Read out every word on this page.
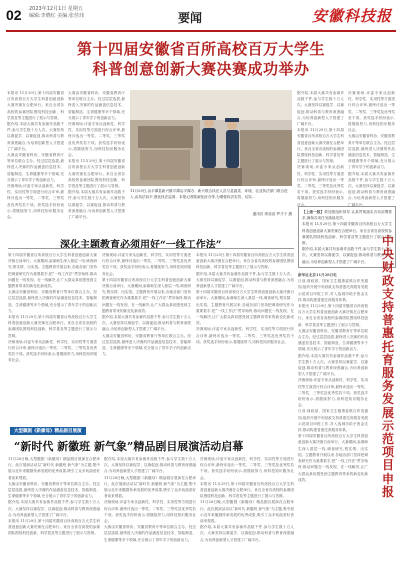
02 2023年12月1日 星期五
编辑:李晓红 美编:张佳玮	要闻	安徽科技报
第十四届安徽省百所高校百万大学生
科普创意创新大赛决赛成功举办

本报讯 11月29日,第十四届安徽省百所高校百万大学生科普创意创新大赛决赛在合肥举行。来自全省各高校的参赛团队围绕科技创新、科学普及等主题进行了展示与答辩。

据介绍,本届大赛共有参赛作品数千件,参与学生数十万人次。大赛坚持以赛促学、以赛促创,推动科普与教育深度融合,为培养创新型人才搭建了广阔平台。

大赛由安徽省科协、安徽省教育厅等单位联合主办。经过层层选拔,最终进入决赛的作品涵盖信息技术、智能制造、生命健康等多个领域,充分展示了青年学子的创新活力。

决赛现场,评委专家从创新性、科学性、实用性等方面进行综合评审,最终评选出一等奖、二等奖、三等奖及优秀奖若干项。获奖选手纷纷表示,将继续努力,用科技知识服务社会。

大赛由安徽省科协、安徽省教育厅等单位联合主办。经过层层选拔,最终进入决赛的作品涵盖信息技术、智能制造、生命健康等多个领域,充分展示了青年学子的创新活力。

决赛现场,评委专家从创新性、科学性、实用性等方面进行综合评审,最终评选出一等奖、二等奖、三等奖及优秀奖若干项。获奖选手纷纷表示,将继续努力,用科技知识服务社会。

本报讯 11月29日,第十四届安徽省百所高校百万大学生科普创意创新大赛决赛在合肥举行。来自全省各高校的参赛团队围绕科技创新、科学普及等主题进行了展示与答辩。

据介绍,本届大赛共有参赛作品数千件,参与学生数十万人次。大赛坚持以赛促学、以赛促创,推动科普与教育深度融合,为培养创新型人才搭建了广阔平台。

11月29日,由平潭县新兴镇平潭沿平潭办、新兴联合执法人员与县蔬菜、环境、农业执法部门联合进入,由执法局平,强化执法监督、本报记者陈淑化协办等,为增强执法实效、切实…
通讯员 廖蕊蕊 罗才子 摄

据介绍,本届大赛共有参赛作品数千件,参与学生数十万人次。大赛坚持以赛促学、以赛促创,推动科普与教育深度融合,为培养创新型人才搭建了广阔平台。

本报讯 11月29日,第十四届安徽省百所高校百万大学生科普创意创新大赛决赛在合肥举行。来自全省各高校的参赛团队围绕科技创新、科学普及等主题进行了展示与答辩。

决赛现场,评委专家从创新性、科学性、实用性等方面进行综合评审,最终评选出一等奖、二等奖、三等奖及优秀奖若干项。获奖选手纷纷表示,将继续努力,用科技知识服务社会。

决赛现场,评委专家从创新性、科学性、实用性等方面进行综合评审,最终评选出一等奖、二等奖、三等奖及优秀奖若干项。获奖选手纷纷表示,将继续努力,用科技知识服务社会。

大赛由安徽省科协、安徽省教育厅等单位联合主办。经过层层选拔,最终进入决赛的作品涵盖信息技术、智能制造、生命健康等多个领域,充分展示了青年学子的创新活力。

据介绍,本届大赛共有参赛作品数千件,参与学生数十万人次。大赛坚持以赛促学、以赛促创,推动科普与教育深度融合,为培养创新型人才搭建了广阔平台。

【上接一版】要加强组织领导,认真贯彻落实各项部署要求,确保各项任务落地见效。

本报讯 11月29日,第十四届安徽省百所高校百万大学生科普创意创新大赛决赛在合肥举行。来自全省各高校的参赛团队围绕科技创新、科学普及等主题进行了展示与答辩。

据介绍,本届大赛共有参赛作品数千件,参与学生数十万人次。大赛坚持以赛促学、以赛促创,推动科普与教育深度融合,为培养创新型人才搭建了广阔平台。

深化主题教育必须用好“一线工作法”

第十四届安徽省百所高校百万大学生科普创意创新大赛决赛日前举行。大赛期间,参赛师生深入基层一线,调查研究,察实情、出实招。主题教育开展以来,各地各部门坚持把调查研究作为重要抓手,把“一线工作法”贯穿始终,推动问题在一线发现、在一线解决,让广大群众真切感受到主题教育带来的新变化新成效。

大赛由安徽省科协、安徽省教育厅等单位联合主办。经过层层选拔,最终进入决赛的作品涵盖信息技术、智能制造、生命健康等多个领域,充分展示了青年学子的创新活力。

本报讯 11月29日,第十四届安徽省百所高校百万大学生科普创意创新大赛决赛在合肥举行。来自全省各高校的参赛团队围绕科技创新、科学普及等主题进行了展示与答辩。

决赛现场,评委专家从创新性、科学性、实用性等方面进行综合评审,最终评选出一等奖、二等奖、三等奖及优秀奖若干项。获奖选手纷纷表示,将继续努力,用科技知识服务社会。

决赛现场,评委专家从创新性、科学性、实用性等方面进行综合评审,最终评选出一等奖、二等奖、三等奖及优秀奖若干项。获奖选手纷纷表示,将继续努力,用科技知识服务社会。

第十四届安徽省百所高校百万大学生科普创意创新大赛决赛日前举行。大赛期间,参赛师生深入基层一线,调查研究,察实情、出实招。主题教育开展以来,各地各部门坚持把调查研究作为重要抓手,把“一线工作法”贯穿始终,推动问题在一线发现、在一线解决,让广大群众真切感受到主题教育带来的新变化新成效。

据介绍,本届大赛共有参赛作品数千件,参与学生数十万人次。大赛坚持以赛促学、以赛促创,推动科普与教育深度融合,为培养创新型人才搭建了广阔平台。

大赛由安徽省科协、安徽省教育厅等单位联合主办。经过层层选拔,最终进入决赛的作品涵盖信息技术、智能制造、生命健康等多个领域,充分展示了青年学子的创新活力。

本报讯 11月29日,第十四届安徽省百所高校百万大学生科普创意创新大赛决赛在合肥举行。来自全省各高校的参赛团队围绕科技创新、科学普及等主题进行了展示与答辩。

据介绍,本届大赛共有参赛作品数千件,参与学生数十万人次。大赛坚持以赛促学、以赛促创,推动科普与教育深度融合,为培养创新型人才搭建了广阔平台。

第十四届安徽省百所高校百万大学生科普创意创新大赛决赛日前举行。大赛期间,参赛师生深入基层一线,调查研究,察实情、出实招。主题教育开展以来,各地各部门坚持把调查研究作为重要抓手,把“一线工作法”贯穿始终,推动问题在一线发现、在一线解决,让广大群众真切感受到主题教育带来的新变化新成效。

决赛现场,评委专家从创新性、科学性、实用性等方面进行综合评审,最终评选出一等奖、二等奖、三等奖及优秀奖若干项。获奖选手纷纷表示,将继续努力,用科技知识服务社会。

新华社北京11月28日电

日前,财政部、国家卫生健康委联合印发通知,组织开展中央财政支持普惠托育服务发展示范项目申报工作,对入选城市给予资金支持,推动构建普惠托育服务体系。

本报讯 11月29日,第十四届安徽省百所高校百万大学生科普创意创新大赛决赛在合肥举行。来自全省各高校的参赛团队围绕科技创新、科学普及等主题进行了展示与答辩。

大赛由安徽省科协、安徽省教育厅等单位联合主办。经过层层选拔,最终进入决赛的作品涵盖信息技术、智能制造、生命健康等多个领域,充分展示了青年学子的创新活力。

据介绍,本届大赛共有参赛作品数千件,参与学生数十万人次。大赛坚持以赛促学、以赛促创,推动科普与教育深度融合,为培养创新型人才搭建了广阔平台。

决赛现场,评委专家从创新性、科学性、实用性等方面进行综合评审,最终评选出一等奖、二等奖、三等奖及优秀奖若干项。获奖选手纷纷表示,将继续努力,用科技知识服务社会。

日前,财政部、国家卫生健康委联合印发通知,组织开展中央财政支持普惠托育服务发展示范项目申报工作,对入选城市给予资金支持,推动构建普惠托育服务体系。

第十四届安徽省百所高校百万大学生科普创意创新大赛决赛日前举行。大赛期间,参赛师生深入基层一线,调查研究,察实情、出实招。主题教育开展以来,各地各部门坚持把调查研究作为重要抓手,把“一线工作法”贯穿始终,推动问题在一线发现、在一线解决,让广大群众真切感受到主题教育带来的新变化新成效。

中央财政支持普惠托育服务发展示范项目申报
大型徽剧《新徽母》精品剧目展演
“新时代 新徽班 新气象”精品剧目展演活动启幕

11月28日晚,大型徽剧《新徽母》精品剧目展演在合肥举行。此次展演活动以“新时代 新徽班 新气象”为主题,集中展示近年来徽剧传承发展的优秀成果,吸引了众多戏曲爱好者前来观看。

大赛由安徽省科协、安徽省教育厅等单位联合主办。经过层层选拔,最终进入决赛的作品涵盖信息技术、智能制造、生命健康等多个领域,充分展示了青年学子的创新活力。

据介绍,本届大赛共有参赛作品数千件,参与学生数十万人次。大赛坚持以赛促学、以赛促创,推动科普与教育深度融合,为培养创新型人才搭建了广阔平台。

本报讯 11月29日,第十四届安徽省百所高校百万大学生科普创意创新大赛决赛在合肥举行。来自全省各高校的参赛团队围绕科技创新、科学普及等主题进行了展示与答辩。

据介绍,本届大赛共有参赛作品数千件,参与学生数十万人次。大赛坚持以赛促学、以赛促创,推动科普与教育深度融合,为培养创新型人才搭建了广阔平台。

11月28日晚,大型徽剧《新徽母》精品剧目展演在合肥举行。此次展演活动以“新时代 新徽班 新气象”为主题,集中展示近年来徽剧传承发展的优秀成果,吸引了众多戏曲爱好者前来观看。

决赛现场,评委专家从创新性、科学性、实用性等方面进行综合评审,最终评选出一等奖、二等奖、三等奖及优秀奖若干项。获奖选手纷纷表示,将继续努力,用科技知识服务社会。

大赛由安徽省科协、安徽省教育厅等单位联合主办。经过层层选拔,最终进入决赛的作品涵盖信息技术、智能制造、生命健康等多个领域,充分展示了青年学子的创新活力。

决赛现场,评委专家从创新性、科学性、实用性等方面进行综合评审,最终评选出一等奖、二等奖、三等奖及优秀奖若干项。获奖选手纷纷表示,将继续努力,用科技知识服务社会。

本报讯 11月29日,第十四届安徽省百所高校百万大学生科普创意创新大赛决赛在合肥举行。来自全省各高校的参赛团队围绕科技创新、科学普及等主题进行了展示与答辩。

11月28日晚,大型徽剧《新徽母》精品剧目展演在合肥举行。此次展演活动以“新时代 新徽班 新气象”为主题,集中展示近年来徽剧传承发展的优秀成果,吸引了众多戏曲爱好者前来观看。

据介绍,本届大赛共有参赛作品数千件,参与学生数十万人次。大赛坚持以赛促学、以赛促创,推动科普与教育深度融合,为培养创新型人才搭建了广阔平台。
